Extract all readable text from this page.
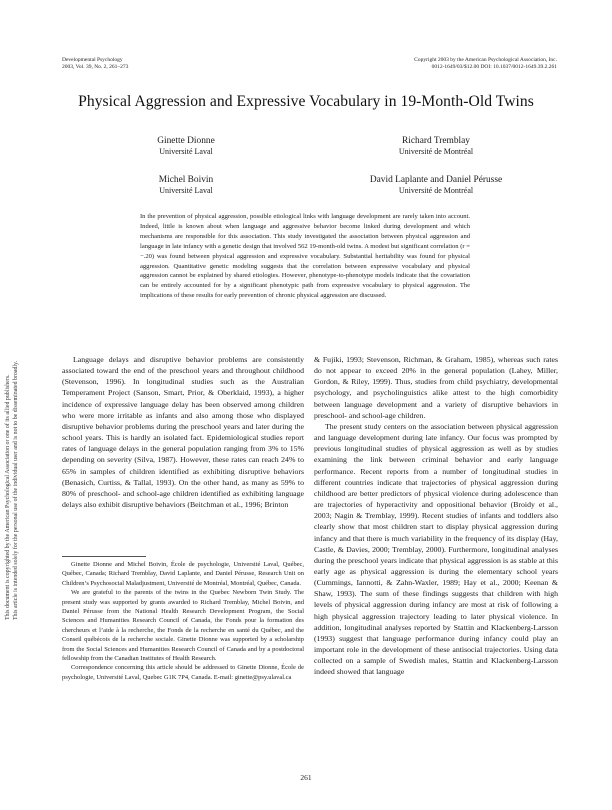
Developmental Psychology
2003, Vol. 39, No. 2, 261–273
Copyright 2003 by the American Psychological Association, Inc.
0012-1649/03/$12.00 DOI: 10.1037/0012-1649.39.2.261
Physical Aggression and Expressive Vocabulary in 19-Month-Old Twins
Ginette Dionne
Université Laval
Richard Tremblay
Université de Montréal
Michel Boivin
Université Laval
David Laplante and Daniel Pérusse
Université de Montréal
In the prevention of physical aggression, possible etiological links with language development are rarely taken into account. Indeed, little is known about when language and aggressive behavior become linked during development and which mechanisms are responsible for this association. This study investigated the association between physical aggression and language in late infancy with a genetic design that involved 562 19-month-old twins. A modest but significant correlation (r = −.20) was found between physical aggression and expressive vocabulary. Substantial heritability was found for physical aggression. Quantitative genetic modeling suggests that the correlation between expressive vocabulary and physical aggression cannot be explained by shared etiologies. However, phenotype-to-phenotype models indicate that the covariation can be entirely accounted for by a significant phenotypic path from expressive vocabulary to physical aggression. The implications of these results for early prevention of chronic physical aggression are discussed.
This document is copyrighted by the American Psychological Association or one of its allied publishers. This article is intended solely for the personal use of the individual user and is not to be disseminated broadly.

Language delays and disruptive behavior problems are consistently associated toward the end of the preschool years and throughout childhood (Stevenson, 1996). In longitudinal studies such as the Australian Temperament Project (Sanson, Smart, Prior, & Oberklaid, 1993), a higher incidence of expressive language delay has been observed among children who were more irritable as infants and also among those who displayed disruptive behavior problems during the preschool years and later during the school years. This is hardly an isolated fact. Epidemiological studies report rates of language delays in the general population ranging from 3% to 15% depending on severity (Silva, 1987). However, these rates can reach 24% to 65% in samples of children identified as exhibiting disruptive behaviors (Benasich, Curtiss, & Tallal, 1993). On the other hand, as many as 59% to 80% of preschool- and school-age children identified as exhibiting language delays also exhibit disruptive behaviors (Beitchman et al., 1996; Brinton

Ginette Dionne and Michel Boivin, École de psychologie, Université Laval, Québec, Québec, Canada; Richard Tremblay, David Laplante, and Daniel Pérusse, Research Unit on Children’s Psychosocial Maladjustment, Université de Montréal, Montréal, Québec, Canada.

We are grateful to the parents of the twins in the Quebec Newborn Twin Study. The present study was supported by grants awarded to Richard Tremblay, Michel Boivin, and Daniel Pérusse from the National Health Research Development Program, the Social Sciences and Humanities Research Council of Canada, the Fonds pour la formation des chercheurs et l’aide à la recherche, the Fonds de la recherche en santé du Québec, and the Conseil québécois de la recherche sociale. Ginette Dionne was supported by a scholarship from the Social Sciences and Humanities Research Council of Canada and by a postdoctoral fellowship from the Canadian Institutes of Health Research.

Correspondence concerning this article should be addressed to Ginette Dionne, École de psychologie, Université Laval, Quebec G1K 7P4, Canada. E-mail: ginette@psy.ulaval.ca

& Fujiki, 1993; Stevenson, Richman, & Graham, 1985), whereas such rates do not appear to exceed 20% in the general population (Lahey, Miller, Gordon, & Riley, 1999). Thus, studies from child psychiatry, developmental psychology, and psycholinguistics alike attest to the high comorbidity between language development and a variety of disruptive behaviors in preschool- and school-age children.

The present study centers on the association between physical aggression and language development during late infancy. Our focus was prompted by previous longitudinal studies of physical aggression as well as by studies examining the link between criminal behavior and early language performance. Recent reports from a number of longitudinal studies in different countries indicate that trajectories of physical aggression during childhood are better predictors of physical violence during adolescence than are trajectories of hyperactivity and oppositional behavior (Broidy et al., 2003; Nagin & Tremblay, 1999). Recent studies of infants and toddlers also clearly show that most children start to display physical aggression during infancy and that there is much variability in the frequency of its display (Hay, Castle, & Davies, 2000; Tremblay, 2000). Furthermore, longitudinal analyses during the preschool years indicate that physical aggression is as stable at this early age as physical aggression is during the elementary school years (Cummings, Iannotti, & Zahn-Waxler, 1989; Hay et al., 2000; Keenan & Shaw, 1993). The sum of these findings suggests that children with high levels of physical aggression during infancy are most at risk of following a high physical aggression trajectory leading to later physical violence. In addition, longitudinal analyses reported by Stattin and Klackenberg-Larsson (1993) suggest that language performance during infancy could play an important role in the development of these antisocial trajectories. Using data collected on a sample of Swedish males, Stattin and Klackenberg-Larsson indeed showed that language

261
